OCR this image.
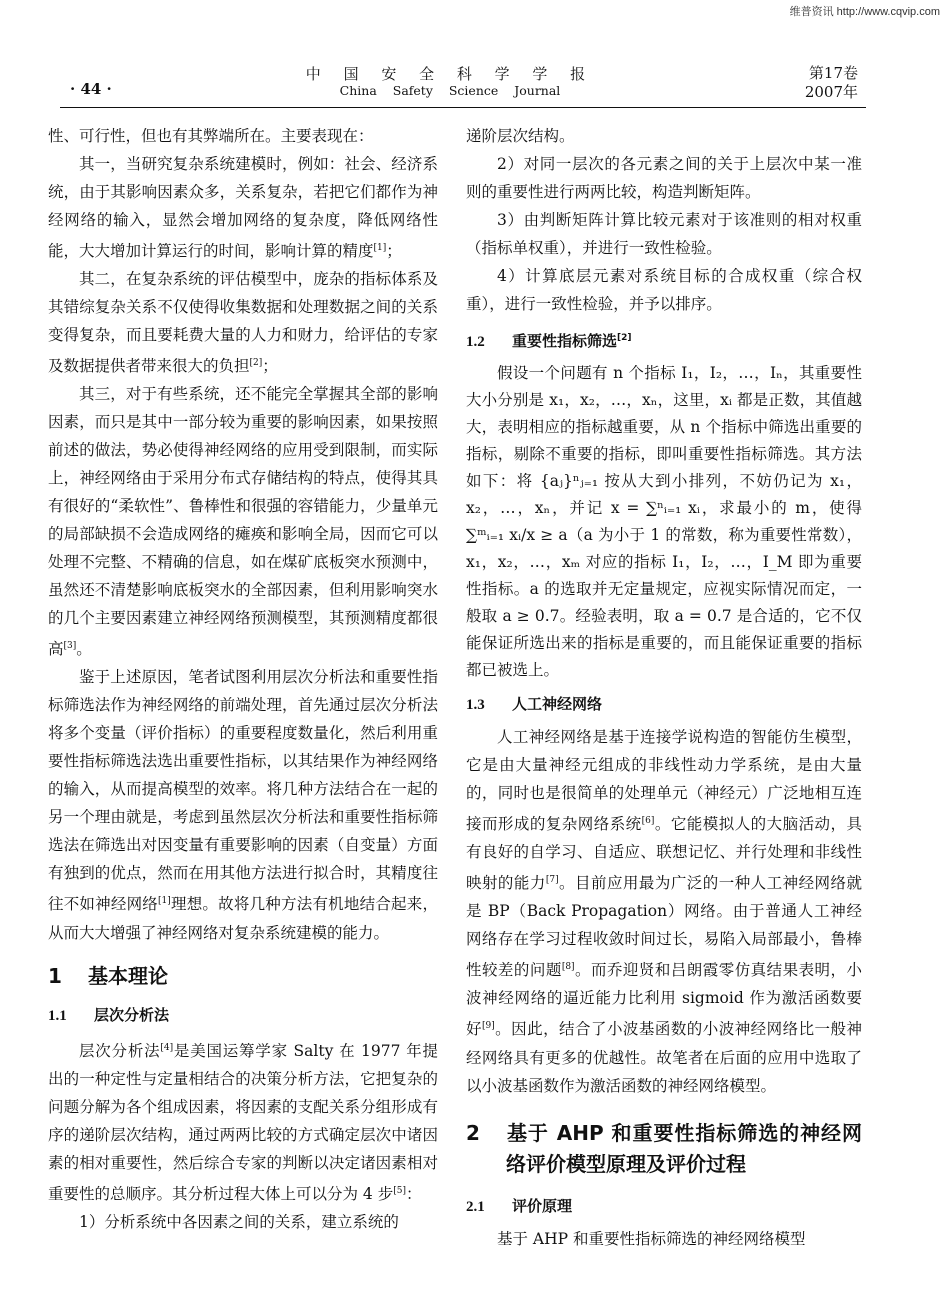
维普资讯 http://www.cqvip.com
· 44 ·
中 国 安 全 科 学 学 报
China Safety Science Journal
第17卷
2007年

性、可行性，但也有其弊端所在。主要表现在：

其一，当研究复杂系统建模时，例如：社会、经济系统，由于其影响因素众多，关系复杂，若把它们都作为神经网络的输入，显然会增加网络的复杂度，降低网络性能，大大增加计算运行的时间，影响计算的精度[1]；

其二，在复杂系统的评估模型中，庞杂的指标体系及其错综复杂关系不仅使得收集数据和处理数据之间的关系变得复杂，而且要耗费大量的人力和财力，给评估的专家及数据提供者带来很大的负担[2]；

其三，对于有些系统，还不能完全掌握其全部的影响因素，而只是其中一部分较为重要的影响因素，如果按照前述的做法，势必使得神经网络的应用受到限制，而实际上，神经网络由于采用分布式存储结构的特点，使得其具有很好的“柔软性”、鲁棒性和很强的容错能力，少量单元的局部缺损不会造成网络的瘫痪和影响全局，因而它可以处理不完整、不精确的信息，如在煤矿底板突水预测中，虽然还不清楚影响底板突水的全部因素，但利用影响突水的几个主要因素建立神经网络预测模型，其预测精度都很高[3]。

鉴于上述原因，笔者试图利用层次分析法和重要性指标筛选法作为神经网络的前端处理，首先通过层次分析法将多个变量（评价指标）的重要程度数量化，然后利用重要性指标筛选法选出重要性指标，以其结果作为神经网络的输入，从而提高模型的效率。将几种方法结合在一起的另一个理由就是，考虑到虽然层次分析法和重要性指标筛选法在筛选出对因变量有重要影响的因素（自变量）方面有独到的优点，然而在用其他方法进行拟合时，其精度往往不如神经网络[1]理想。故将几种方法有机地结合起来，从而大大增强了神经网络对复杂系统建模的能力。

1 基本理论
1.1 层次分析法

层次分析法[4]是美国运筹学家 Salty 在 1977 年提出的一种定性与定量相结合的决策分析方法，它把复杂的问题分解为各个组成因素，将因素的支配关系分组形成有序的递阶层次结构，通过两两比较的方式确定层次中诸因素的相对重要性，然后综合专家的判断以决定诸因素相对重要性的总顺序。其分析过程大体上可以分为 4 步[5]：

1）分析系统中各因素之间的关系，建立系统的

递阶层次结构。

2）对同一层次的各元素之间的关于上层次中某一准则的重要性进行两两比较，构造判断矩阵。

3）由判断矩阵计算比较元素对于该准则的相对权重（指标单权重），并进行一致性检验。

4）计算底层元素对系统目标的合成权重（综合权重），进行一致性检验，并予以排序。

1.2 重要性指标筛选[2]

假设一个问题有 n 个指标 I₁，I₂，…，Iₙ，其重要性大小分别是 x₁，x₂，…，xₙ，这里，xᵢ 都是正数，其值越大，表明相应的指标越重要，从 n 个指标中筛选出重要的指标，剔除不重要的指标，即叫重要性指标筛选。其方法如下：将 {aⱼ}ⁿⱼ₌₁ 按从大到小排列，不妨仍记为 x₁，x₂，…，xₙ，并记 x = ∑ⁿᵢ₌₁ xᵢ，求最小的 m，使得 ∑ᵐᵢ₌₁ xᵢ/x ≥ a（a 为小于 1 的常数，称为重要性常数），x₁，x₂，…，xₘ 对应的指标 I₁，I₂，…，I_M 即为重要性指标。a 的选取并无定量规定，应视实际情况而定，一般取 a ≥ 0.7。经验表明，取 a = 0.7 是合适的，它不仅能保证所选出来的指标是重要的，而且能保证重要的指标都已被选上。

1.3 人工神经网络

人工神经网络是基于连接学说构造的智能仿生模型，它是由大量神经元组成的非线性动力学系统，是由大量的，同时也是很简单的处理单元（神经元）广泛地相互连接而形成的复杂网络系统[6]。它能模拟人的大脑活动，具有良好的自学习、自适应、联想记忆、并行处理和非线性映射的能力[7]。目前应用最为广泛的一种人工神经网络就是 BP（Back Propagation）网络。由于普通人工神经网络存在学习过程收敛时间过长，易陷入局部最小，鲁棒性较差的问题[8]。而乔迎贤和吕朗霞零仿真结果表明，小波神经网络的逼近能力比利用 sigmoid 作为激活函数要好[9]。因此，结合了小波基函数的小波神经网络比一般神经网络具有更多的优越性。故笔者在后面的应用中选取了以小波基函数作为激活函数的神经网络模型。

2 基于 AHP 和重要性指标筛选的神经网络评价模型原理及评价过程
2.1 评价原理

基于 AHP 和重要性指标筛选的神经网络模型
